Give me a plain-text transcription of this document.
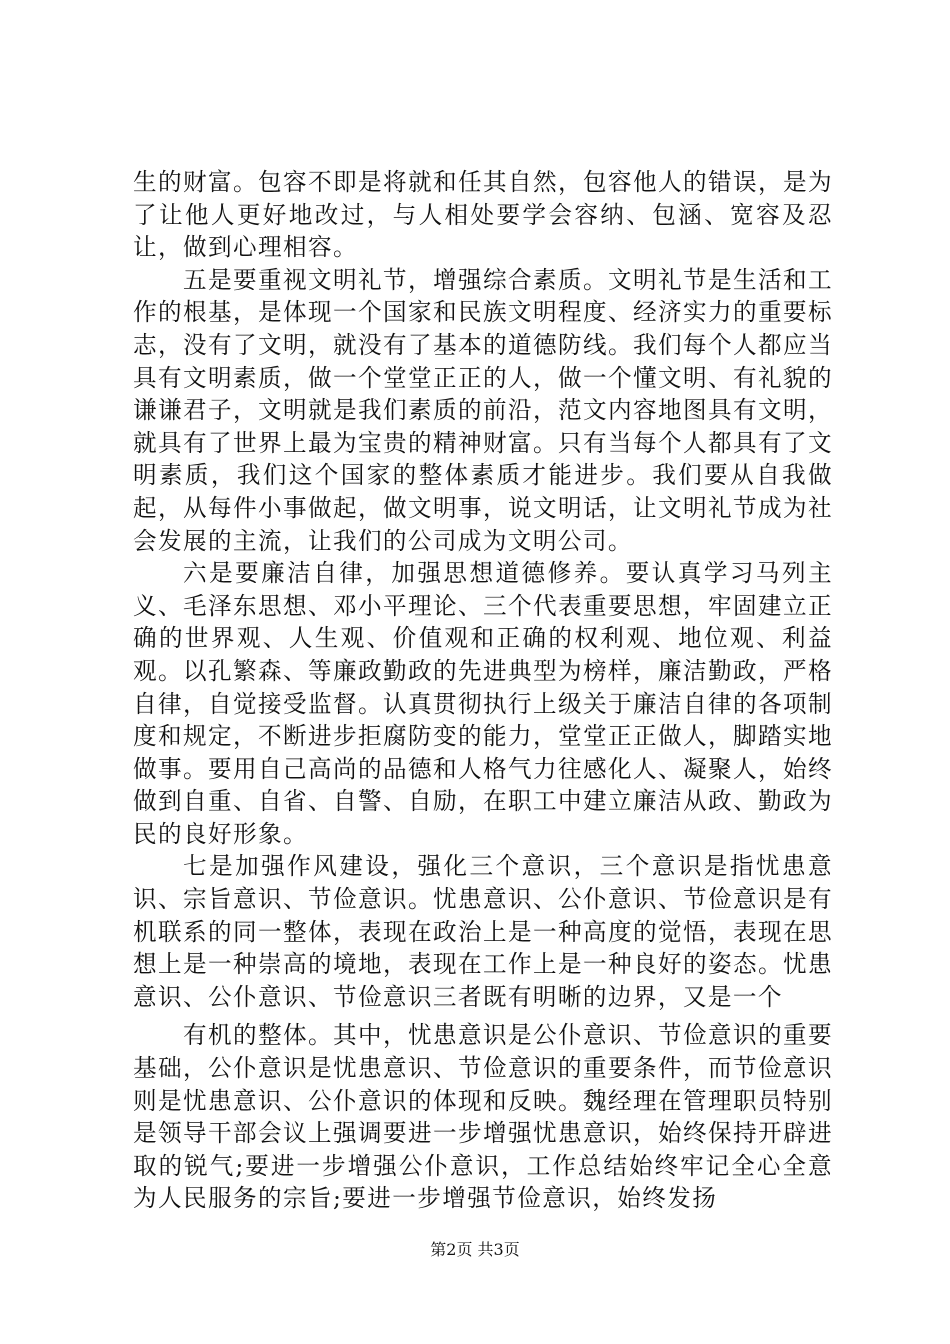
生的财富。包容不即是将就和任其自然，包容他人的错误，是为了让他人更好地改过，与人相处要学会容纳、包涵、宽容及忍让，做到心理相容。

五是要重视文明礼节，增强综合素质。文明礼节是生活和工作的根基，是体现一个国家和民族文明程度、经济实力的重要标志，没有了文明，就没有了基本的道德防线。我们每个人都应当具有文明素质，做一个堂堂正正的人，做一个懂文明、有礼貌的谦谦君子，文明就是我们素质的前沿，范文内容地图具有文明，就具有了世界上最为宝贵的精神财富。只有当每个人都具有了文明素质，我们这个国家的整体素质才能进步。我们要从自我做起，从每件小事做起，做文明事，说文明话，让文明礼节成为社会发展的主流，让我们的公司成为文明公司。

六是要廉洁自律，加强思想道德修养。要认真学习马列主义、毛泽东思想、邓小平理论、三个代表重要思想，牢固建立正确的世界观、人生观、价值观和正确的权利观、地位观、利益观。以孔繁森、等廉政勤政的先进典型为榜样，廉洁勤政，严格自律，自觉接受监督。认真贯彻执行上级关于廉洁自律的各项制度和规定，不断进步拒腐防变的能力，堂堂正正做人，脚踏实地做事。要用自己高尚的品德和人格气力往感化人、凝聚人，始终做到自重、自省、自警、自励，在职工中建立廉洁从政、勤政为民的良好形象。

七是加强作风建设，强化三个意识，三个意识是指忧患意识、宗旨意识、节俭意识。忧患意识、公仆意识、节俭意识是有机联系的同一整体，表现在政治上是一种高度的觉悟，表现在思想上是一种崇高的境地，表现在工作上是一种良好的姿态。忧患意识、公仆意识、节俭意识三者既有明晰的边界，又是一个

有机的整体。其中，忧患意识是公仆意识、节俭意识的重要基础，公仆意识是忧患意识、节俭意识的重要条件，而节俭意识则是忧患意识、公仆意识的体现和反映。魏经理在管理职员特别是领导干部会议上强调要进一步增强忧患意识，始终保持开辟进取的锐气;要进一步增强公仆意识，工作总结始终牢记全心全意为人民服务的宗旨;要进一步增强节俭意识，始终发扬

第2页 共3页
